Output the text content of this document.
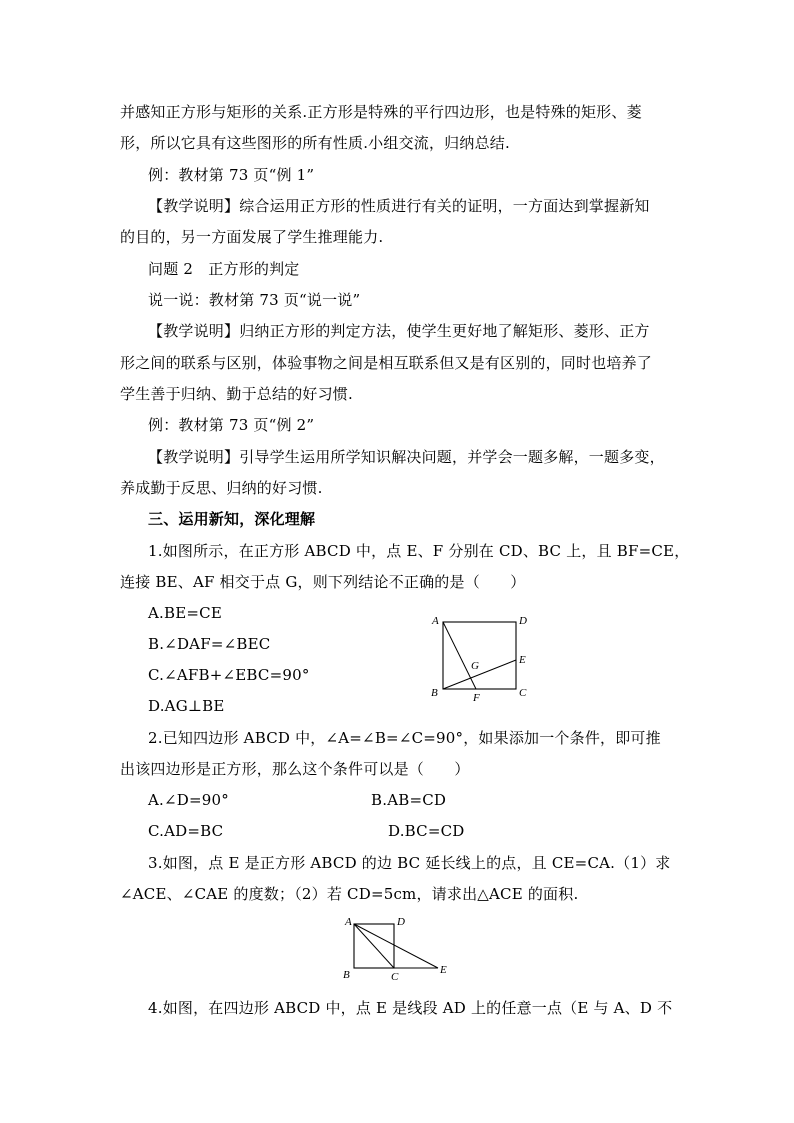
并感知正方形与矩形的关系.正方形是特殊的平行四边形，也是特殊的矩形、菱
形，所以它具有这些图形的所有性质.小组交流，归纳总结.
例：教材第 73 页“例 1”
【教学说明】综合运用正方形的性质进行有关的证明，一方面达到掌握新知
的目的，另一方面发展了学生推理能力.
问题 2　正方形的判定
说一说：教材第 73 页“说一说”
【教学说明】归纳正方形的判定方法，使学生更好地了解矩形、菱形、正方
形之间的联系与区别，体验事物之间是相互联系但又是有区别的，同时也培养了
学生善于归纳、勤于总结的好习惯.
例：教材第 73 页“例 2”
【教学说明】引导学生运用所学知识解决问题，并学会一题多解，一题多变，
养成勤于反思、归纳的好习惯.
三、运用新知，深化理解
1.如图所示，在正方形 ABCD 中，点 E、F 分别在 CD、BC 上，且 BF=CE，
连接 BE、AF 相交于点 G，则下列结论不正确的是（　　）
A.BE=CE
B.∠DAF=∠BEC
C.∠AFB+∠EBC=90°
D.AG⊥BE
2.已知四边形 ABCD 中，∠A=∠B=∠C=90°，如果添加一个条件，即可推
出该四边形是正方形，那么这个条件可以是（　　）
A.∠D=90°	B.AB=CD
C.AD=BC	D.BC=CD
3.如图，点 E 是正方形 ABCD 的边 BC 延长线上的点，且 CE=CA.（1）求
∠ACE、∠CAE 的度数；（2）若 CD=5cm，请求出△ACE 的面积.
4.如图，在四边形 ABCD 中，点 E 是线段 AD 上的任意一点（E 与 A、D 不
A	D
B	C
E
F
G
A	D
B	C
E
